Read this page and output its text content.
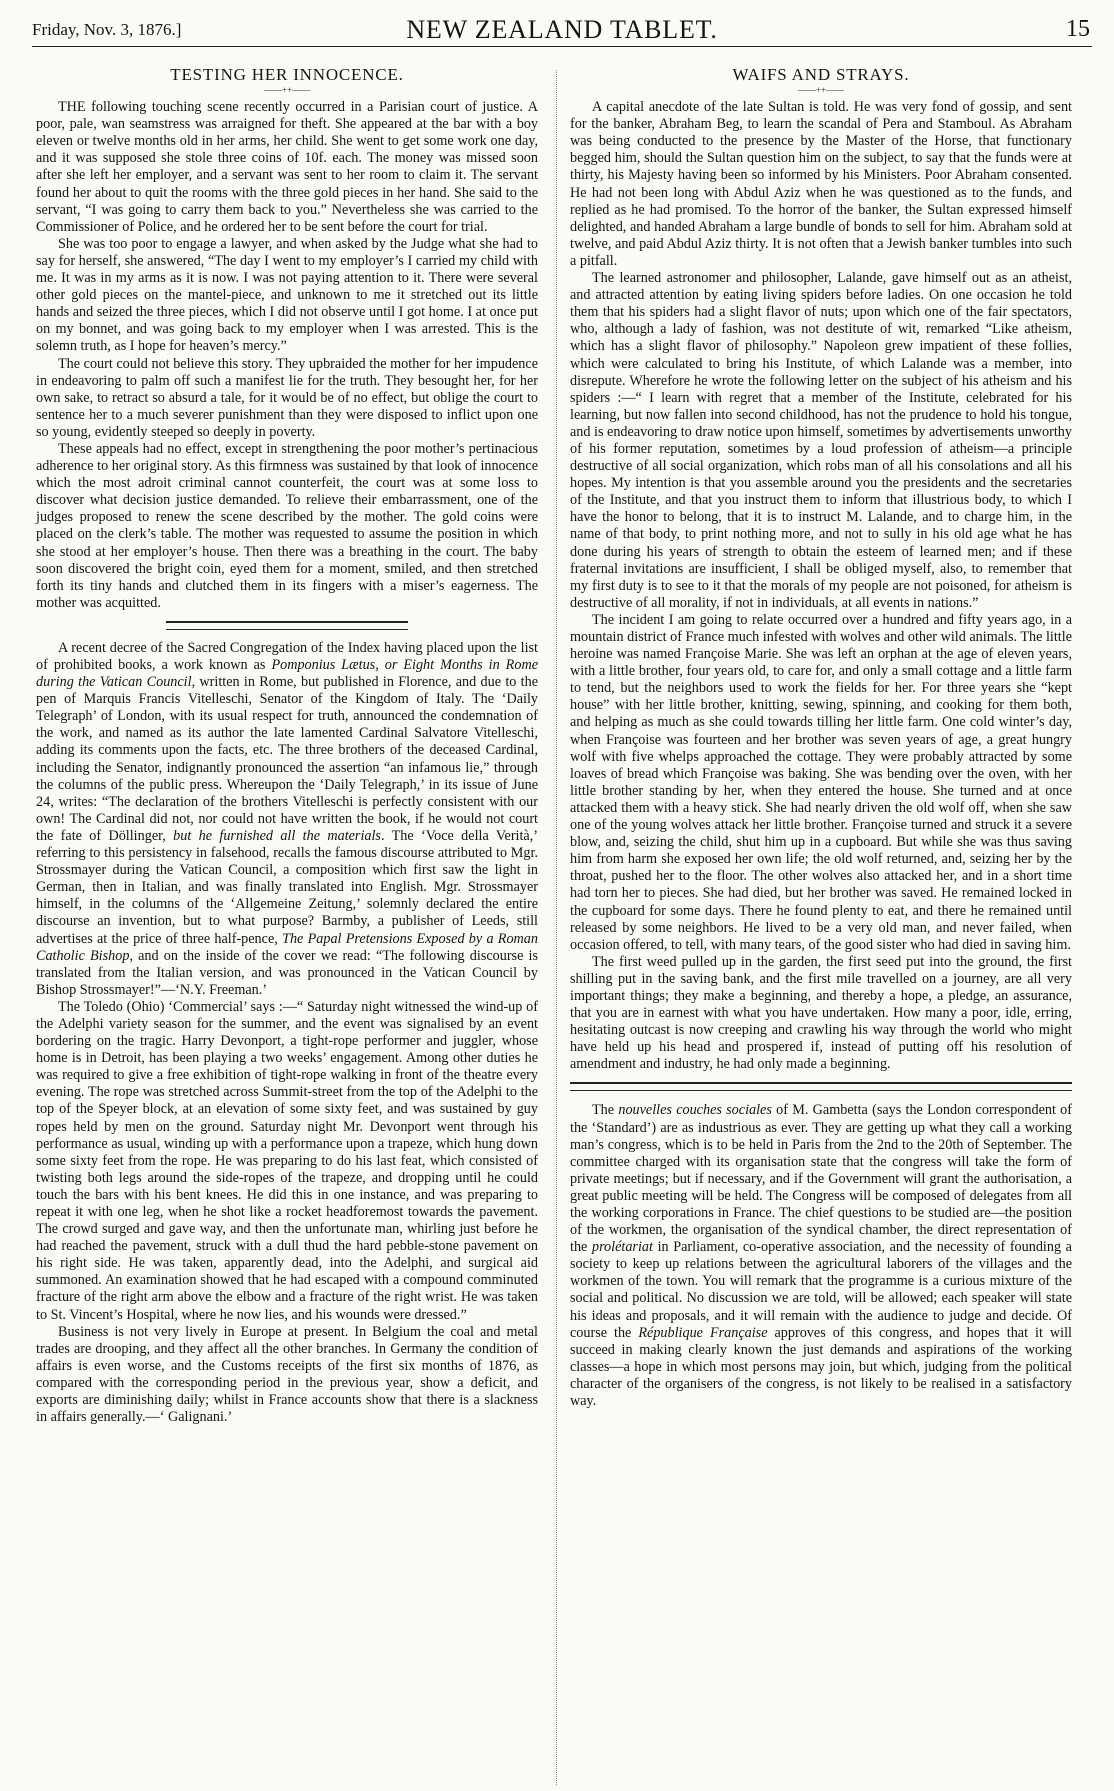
Friday, Nov. 3, 1876.]	NEW ZEALAND TABLET.	15
TESTING HER INNOCENCE.
——++——

THE following touching scene recently occurred in a Parisian court of justice. A poor, pale, wan seamstress was arraigned for theft. She appeared at the bar with a boy eleven or twelve months old in her arms, her child. She went to get some work one day, and it was supposed she stole three coins of 10f. each. The money was missed soon after she left her employer, and a servant was sent to her room to claim it. The servant found her about to quit the rooms with the three gold pieces in her hand. She said to the servant, “I was going to carry them back to you.” Nevertheless she was carried to the Commissioner of Police, and he ordered her to be sent before the court for trial.

She was too poor to engage a lawyer, and when asked by the Judge what she had to say for herself, she answered, “The day I went to my employer’s I carried my child with me. It was in my arms as it is now. I was not paying attention to it. There were several other gold pieces on the mantel-piece, and unknown to me it stretched out its little hands and seized the three pieces, which I did not observe until I got home. I at once put on my bonnet, and was going back to my employer when I was arrested. This is the solemn truth, as I hope for heaven’s mercy.”

The court could not believe this story. They upbraided the mother for her impudence in endeavoring to palm off such a manifest lie for the truth. They besought her, for her own sake, to retract so absurd a tale, for it would be of no effect, but oblige the court to sentence her to a much severer punishment than they were disposed to inflict upon one so young, evidently steeped so deeply in poverty.

These appeals had no effect, except in strengthening the poor mother’s pertinacious adherence to her original story. As this firmness was sustained by that look of innocence which the most adroit criminal cannot counterfeit, the court was at some loss to discover what decision justice demanded. To relieve their embarrassment, one of the judges proposed to renew the scene described by the mother. The gold coins were placed on the clerk’s table. The mother was requested to assume the position in which she stood at her employer’s house. Then there was a breathing in the court. The baby soon discovered the bright coin, eyed them for a moment, smiled, and then stretched forth its tiny hands and clutched them in its fingers with a miser’s eagerness. The mother was acquitted.

A recent decree of the Sacred Congregation of the Index having placed upon the list of prohibited books, a work known as Pomponius Lætus, or Eight Months in Rome during the Vatican Council, written in Rome, but published in Florence, and due to the pen of Marquis Francis Vitelleschi, Senator of the Kingdom of Italy. The ‘Daily Telegraph’ of London, with its usual respect for truth, announced the condemnation of the work, and named as its author the late lamented Cardinal Salvatore Vitelleschi, adding its comments upon the facts, etc. The three brothers of the deceased Cardinal, including the Senator, indignantly pronounced the assertion “an infamous lie,” through the columns of the public press. Whereupon the ‘Daily Telegraph,’ in its issue of June 24, writes: “The declaration of the brothers Vitelleschi is perfectly consistent with our own! The Cardinal did not, nor could not have written the book, if he would not court the fate of Döllinger, but he furnished all the materials. The ‘Voce della Verità,’ referring to this persistency in falsehood, recalls the famous discourse attributed to Mgr. Strossmayer during the Vatican Council, a composition which first saw the light in German, then in Italian, and was finally translated into English. Mgr. Strossmayer himself, in the columns of the ‘Allgemeine Zeitung,’ solemnly declared the entire discourse an invention, but to what purpose? Barmby, a publisher of Leeds, still advertises at the price of three half-pence, The Papal Pretensions Exposed by a Roman Catholic Bishop, and on the inside of the cover we read: “The following discourse is translated from the Italian version, and was pronounced in the Vatican Council by Bishop Strossmayer!”—‘N.Y. Freeman.’

The Toledo (Ohio) ‘Commercial’ says :—“ Saturday night witnessed the wind-up of the Adelphi variety season for the summer, and the event was signalised by an event bordering on the tragic. Harry Devonport, a tight-rope performer and juggler, whose home is in Detroit, has been playing a two weeks’ engagement. Among other duties he was required to give a free exhibition of tight-rope walking in front of the theatre every evening. The rope was stretched across Summit-street from the top of the Adelphi to the top of the Speyer block, at an elevation of some sixty feet, and was sustained by guy ropes held by men on the ground. Saturday night Mr. Devonport went through his performance as usual, winding up with a performance upon a trapeze, which hung down some sixty feet from the rope. He was preparing to do his last feat, which consisted of twisting both legs around the side-ropes of the trapeze, and dropping until he could touch the bars with his bent knees. He did this in one instance, and was preparing to repeat it with one leg, when he shot like a rocket headforemost towards the pavement. The crowd surged and gave way, and then the unfortunate man, whirling just before he had reached the pavement, struck with a dull thud the hard pebble-stone pavement on his right side. He was taken, apparently dead, into the Adelphi, and surgical aid summoned. An examination showed that he had escaped with a compound comminuted fracture of the right arm above the elbow and a fracture of the right wrist. He was taken to St. Vincent’s Hospital, where he now lies, and his wounds were dressed.”

Business is not very lively in Europe at present. In Belgium the coal and metal trades are drooping, and they affect all the other branches. In Germany the condition of affairs is even worse, and the Customs receipts of the first six months of 1876, as compared with the corresponding period in the previous year, show a deficit, and exports are diminishing daily; whilst in France accounts show that there is a slackness in affairs generally.—‘ Galignani.’

WAIFS AND STRAYS.
——++——

A capital anecdote of the late Sultan is told. He was very fond of gossip, and sent for the banker, Abraham Beg, to learn the scandal of Pera and Stamboul. As Abraham was being conducted to the presence by the Master of the Horse, that functionary begged him, should the Sultan question him on the subject, to say that the funds were at thirty, his Majesty having been so informed by his Ministers. Poor Abraham consented. He had not been long with Abdul Aziz when he was questioned as to the funds, and replied as he had promised. To the horror of the banker, the Sultan expressed himself delighted, and handed Abraham a large bundle of bonds to sell for him. Abraham sold at twelve, and paid Abdul Aziz thirty. It is not often that a Jewish banker tumbles into such a pitfall.

The learned astronomer and philosopher, Lalande, gave himself out as an atheist, and attracted attention by eating living spiders before ladies. On one occasion he told them that his spiders had a slight flavor of nuts; upon which one of the fair spectators, who, although a lady of fashion, was not destitute of wit, remarked “Like atheism, which has a slight flavor of philosophy.” Napoleon grew impatient of these follies, which were calculated to bring his Institute, of which Lalande was a member, into disrepute. Wherefore he wrote the following letter on the subject of his atheism and his spiders :—“ I learn with regret that a member of the Institute, celebrated for his learning, but now fallen into second childhood, has not the prudence to hold his tongue, and is endeavoring to draw notice upon himself, sometimes by advertisements unworthy of his former reputation, sometimes by a loud profession of atheism—a principle destructive of all social organization, which robs man of all his consolations and all his hopes. My intention is that you assemble around you the presidents and the secretaries of the Institute, and that you instruct them to inform that illustrious body, to which I have the honor to belong, that it is to instruct M. Lalande, and to charge him, in the name of that body, to print nothing more, and not to sully in his old age what he has done during his years of strength to obtain the esteem of learned men; and if these fraternal invitations are insufficient, I shall be obliged myself, also, to remember that my first duty is to see to it that the morals of my people are not poisoned, for atheism is destructive of all morality, if not in individuals, at all events in nations.”

The incident I am going to relate occurred over a hundred and fifty years ago, in a mountain district of France much infested with wolves and other wild animals. The little heroine was named Françoise Marie. She was left an orphan at the age of eleven years, with a little brother, four years old, to care for, and only a small cottage and a little farm to tend, but the neighbors used to work the fields for her. For three years she “kept house” with her little brother, knitting, sewing, spinning, and cooking for them both, and helping as much as she could towards tilling her little farm. One cold winter’s day, when Françoise was fourteen and her brother was seven years of age, a great hungry wolf with five whelps approached the cottage. They were probably attracted by some loaves of bread which Françoise was baking. She was bending over the oven, with her little brother standing by her, when they entered the house. She turned and at once attacked them with a heavy stick. She had nearly driven the old wolf off, when she saw one of the young wolves attack her little brother. Françoise turned and struck it a severe blow, and, seizing the child, shut him up in a cupboard. But while she was thus saving him from harm she exposed her own life; the old wolf returned, and, seizing her by the throat, pushed her to the floor. The other wolves also attacked her, and in a short time had torn her to pieces. She had died, but her brother was saved. He remained locked in the cupboard for some days. There he found plenty to eat, and there he remained until released by some neighbors. He lived to be a very old man, and never failed, when occasion offered, to tell, with many tears, of the good sister who had died in saving him.

The first weed pulled up in the garden, the first seed put into the ground, the first shilling put in the saving bank, and the first mile travelled on a journey, are all very important things; they make a beginning, and thereby a hope, a pledge, an assurance, that you are in earnest with what you have undertaken. How many a poor, idle, erring, hesitating outcast is now creeping and crawling his way through the world who might have held up his head and prospered if, instead of putting off his resolution of amendment and industry, he had only made a beginning.

The nouvelles couches sociales of M. Gambetta (says the London correspondent of the ‘Standard’) are as industrious as ever. They are getting up what they call a working man’s congress, which is to be held in Paris from the 2nd to the 20th of September. The committee charged with its organisation state that the congress will take the form of private meetings; but if necessary, and if the Government will grant the authorisation, a great public meeting will be held. The Congress will be composed of delegates from all the working corporations in France. The chief questions to be studied are—the position of the workmen, the organisation of the syndical chamber, the direct representation of the prolétariat in Parliament, co-operative association, and the necessity of founding a society to keep up relations between the agricultural laborers of the villages and the workmen of the town. You will remark that the programme is a curious mixture of the social and political. No discussion we are told, will be allowed; each speaker will state his ideas and proposals, and it will remain with the audience to judge and decide. Of course the République Française approves of this congress, and hopes that it will succeed in making clearly known the just demands and aspirations of the working classes—a hope in which most persons may join, but which, judging from the political character of the organisers of the congress, is not likely to be realised in a satisfactory way.
